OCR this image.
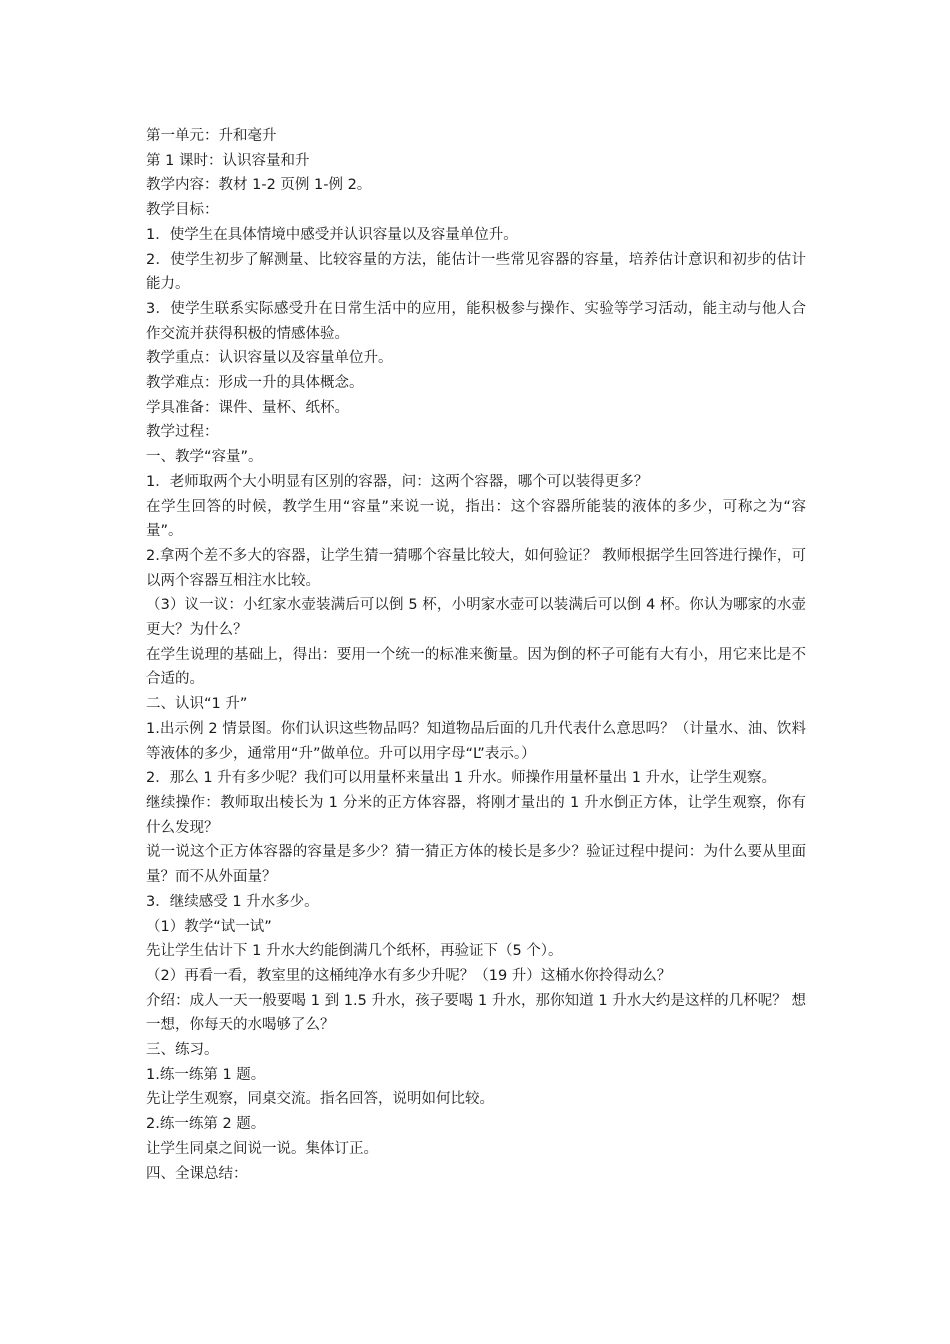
第一单元：升和毫升

第 1 课时：认识容量和升

教学内容：教材 1-2 页例 1-例 2。

教学目标：

1．使学生在具体情境中感受并认识容量以及容量单位升。

2．使学生初步了解测量、比较容量的方法，能估计一些常见容器的容量，培养估计意识和初步的估计能力。

3．使学生联系实际感受升在日常生活中的应用，能积极参与操作、实验等学习活动，能主动与他人合作交流并获得积极的情感体验。

教学重点：认识容量以及容量单位升。

教学难点：形成一升的具体概念。

学具准备：课件、量杯、纸杯。

教学过程：

一、教学“容量”。

1．老师取两个大小明显有区别的容器，问：这两个容器，哪个可以装得更多？

在学生回答的时候，教学生用“容量”来说一说，指出：这个容器所能装的液体的多少，可称之为“容量”。

2.拿两个差不多大的容器，让学生猜一猜哪个容量比较大，如何验证？ 教师根据学生回答进行操作，可以两个容器互相注水比较。

（3）议一议：小红家水壶装满后可以倒 5 杯，小明家水壶可以装满后可以倒 4 杯。你认为哪家的水壶更大？为什么？

在学生说理的基础上，得出：要用一个统一的标准来衡量。因为倒的杯子可能有大有小，用它来比是不合适的。

二、认识“1 升”

1.出示例 2 情景图。你们认识这些物品吗？知道物品后面的几升代表什么意思吗？（计量水、油、饮料等液体的多少，通常用“升”做单位。升可以用字母“L”表示。）

2．那么 1 升有多少呢？我们可以用量杯来量出 1 升水。师操作用量杯量出 1 升水，让学生观察。

继续操作：教师取出棱长为 1 分米的正方体容器，将刚才量出的 1 升水倒正方体，让学生观察，你有什么发现？

说一说这个正方体容器的容量是多少？猜一猜正方体的棱长是多少？验证过程中提问：为什么要从里面量？而不从外面量？

3．继续感受 1 升水多少。

（1）教学“试一试”

先让学生估计下 1 升水大约能倒满几个纸杯，再验证下（5 个）。

（2）再看一看，教室里的这桶纯净水有多少升呢？（19 升）这桶水你拎得动么？

介绍：成人一天一般要喝 1 到 1.5 升水，孩子要喝 1 升水，那你知道 1 升水大约是这样的几杯呢？ 想一想，你每天的水喝够了么？

三、练习。

1.练一练第 1 题。

先让学生观察，同桌交流。指名回答，说明如何比较。

2.练一练第 2 题。

让学生同桌之间说一说。集体订正。

四、全课总结：
